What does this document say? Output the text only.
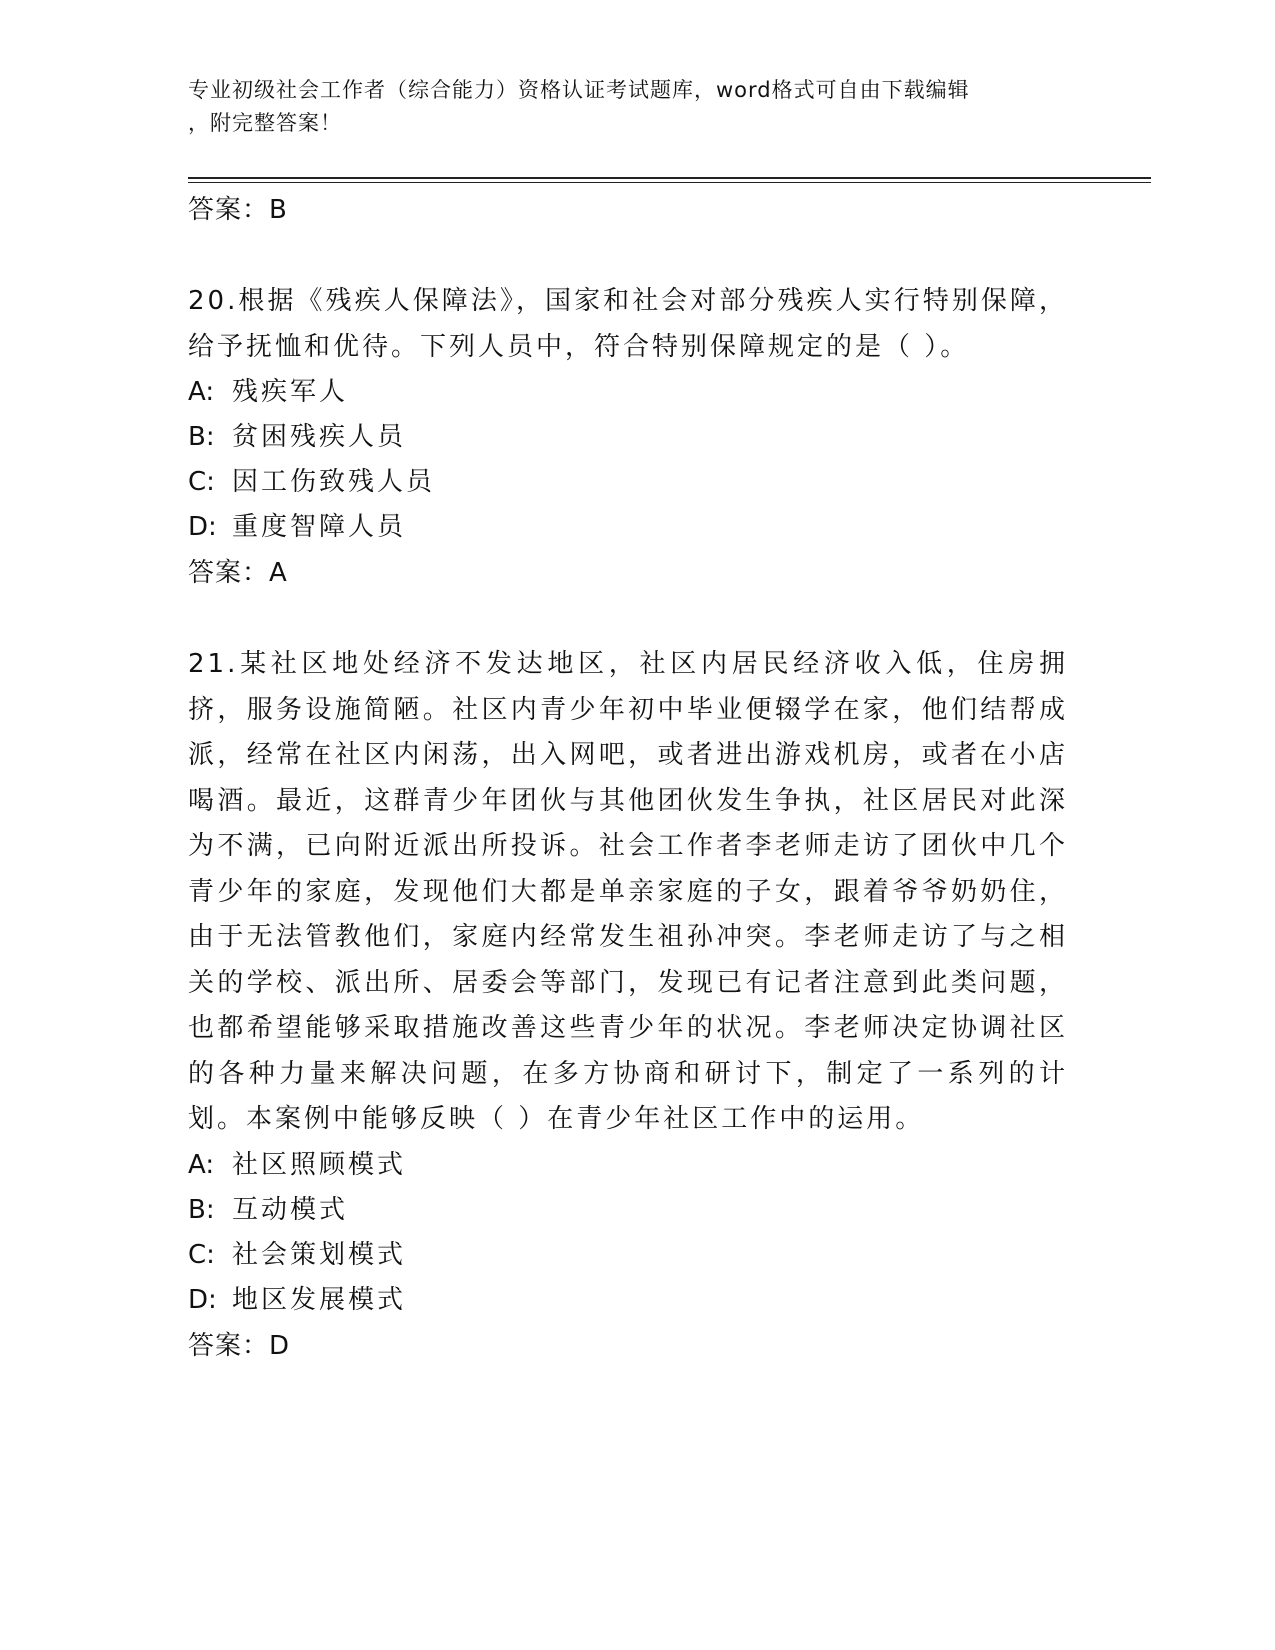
专业初级社会工作者（综合能力）资格认证考试题库，word格式可自由下载编辑
，附完整答案！
答案：B
20.根据《残疾人保障法》，国家和社会对部分残疾人实行特别保障，给予抚恤和优待。下列人员中，符合特别保障规定的是（ ）。
A: 残疾军人
B: 贫困残疾人员
C: 因工伤致残人员
D: 重度智障人员
答案：A
21.某社区地处经济不发达地区，社区内居民经济收入低，住房拥挤，服务设施简陋。社区内青少年初中毕业便辍学在家，他们结帮成派，经常在社区内闲荡，出入网吧，或者进出游戏机房，或者在小店喝酒。最近，这群青少年团伙与其他团伙发生争执，社区居民对此深为不满，已向附近派出所投诉。社会工作者李老师走访了团伙中几个青少年的家庭，发现他们大都是单亲家庭的子女，跟着爷爷奶奶住，由于无法管教他们，家庭内经常发生祖孙冲突。李老师走访了与之相关的学校、派出所、居委会等部门，发现已有记者注意到此类问题，也都希望能够采取措施改善这些青少年的状况。李老师决定协调社区的各种力量来解决问题，在多方协商和研讨下，制定了一系列的计划。本案例中能够反映（ ）在青少年社区工作中的运用。
A: 社区照顾模式
B: 互动模式
C: 社会策划模式
D: 地区发展模式
答案：D
